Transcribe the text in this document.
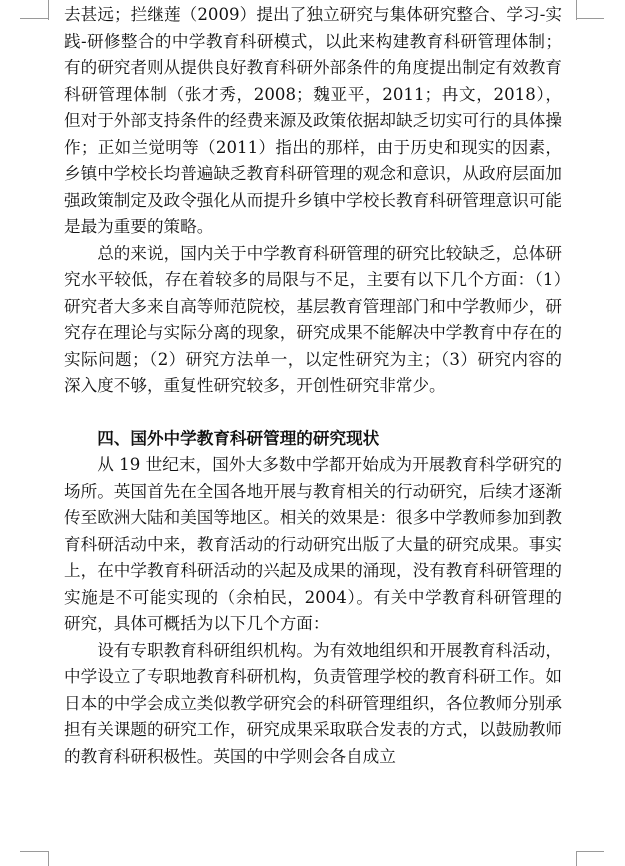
去甚远；拦继莲（2009）提出了独立研究与集体研究整合、学习-实践-研修整合的中学教育科研模式，以此来构建教育科研管理体制；有的研究者则从提供良好教育科研外部条件的角度提出制定有效教育科研管理体制（张才秀，2008；魏亚平，2011；冉文，2018），但对于外部支持条件的经费来源及政策依据却缺乏切实可行的具体操作；正如兰觉明等（2011）指出的那样，由于历史和现实的因素，乡镇中学校长均普遍缺乏教育科研管理的观念和意识，从政府层面加强政策制定及政令强化从而提升乡镇中学校长教育科研管理意识可能是最为重要的策略。

总的来说，国内关于中学教育科研管理的研究比较缺乏，总体研究水平较低，存在着较多的局限与不足，主要有以下几个方面：（1）研究者大多来自高等师范院校，基层教育管理部门和中学教师少，研究存在理论与实际分离的现象，研究成果不能解决中学教育中存在的实际问题；（2）研究方法单一，以定性研究为主；（3）研究内容的深入度不够，重复性研究较多，开创性研究非常少。

四、国外中学教育科研管理的研究现状

从 19 世纪末，国外大多数中学都开始成为开展教育科学研究的场所。英国首先在全国各地开展与教育相关的行动研究，后续才逐渐传至欧洲大陆和美国等地区。相关的效果是：很多中学教师参加到教育科研活动中来，教育活动的行动研究出版了大量的研究成果。事实上，在中学教育科研活动的兴起及成果的涌现，没有教育科研管理的实施是不可能实现的（余柏民，2004）。有关中学教育科研管理的研究，具体可概括为以下几个方面：

设有专职教育科研组织机构。为有效地组织和开展教育科活动，中学设立了专职地教育科研机构，负责管理学校的教育科研工作。如日本的中学会成立类似教学研究会的科研管理组织，各位教师分别承担有关课题的研究工作，研究成果采取联合发表的方式，以鼓励教师的教育科研积极性。英国的中学则会各自成立
